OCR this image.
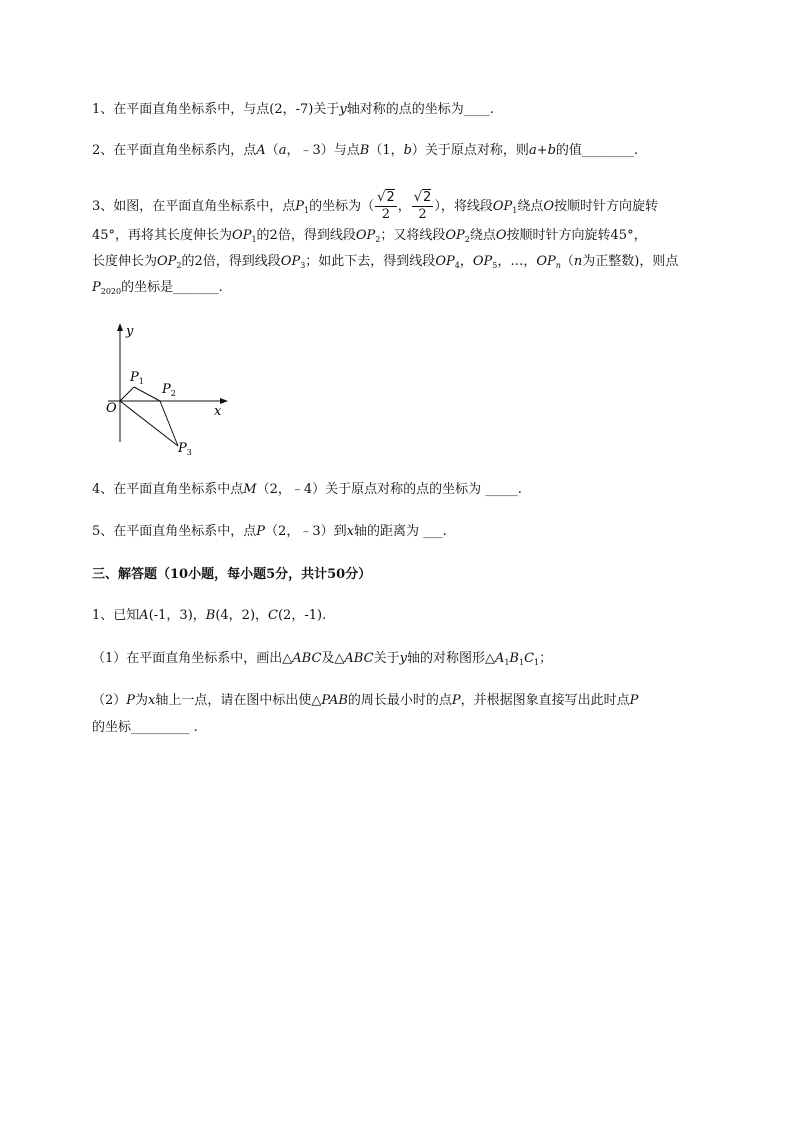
1、在平面直角坐标系中，与点(2，-7)关于y轴对称的点的坐标为____.
2、在平面直角坐标系内，点A（a，﹣3）与点B（1，b）关于原点对称，则a+b的值________.
3、如图，在平面直角坐标系中，点$P_1$的坐标为（ $\frac{√2}{2}$ ， $\frac{√2}{2}$ ），将线段$OP_1$绕点O按顺时针方向旋转
45°，再将其长度伸长为$OP_1$的2倍，得到线段$OP_2$；又将线段$OP_2$绕点O按顺时针方向旋转45°，
长度伸长为$OP_2$的2倍，得到线段$OP_3$；如此下去，得到线段$OP_4$，$OP_5$，…，$OP_n(n$为正整数)，则点
$P_{2020}$的坐标是_______.
y
x
O
$P_1$
$P_2$
$P_3$
4、在平面直角坐标系中点M（2，﹣4）关于原点对称的点的坐标为 _____.
5、在平面直角坐标系中，点P（2，﹣3）到x轴的距离为 ___.
三、解答题（10小题，每小题5分，共计50分）
1、已知A(-1，3)，B(4，2)，C(2，-1).
（1）在平面直角坐标系中，画出△ABC及△ABC关于y轴的对称图形$\triangle A_1B_1C_1$；
（2）P为x轴上一点，请在图中标出使△PAB的周长最小时的点P，并根据图象直接写出此时点P
的坐标_________ .
